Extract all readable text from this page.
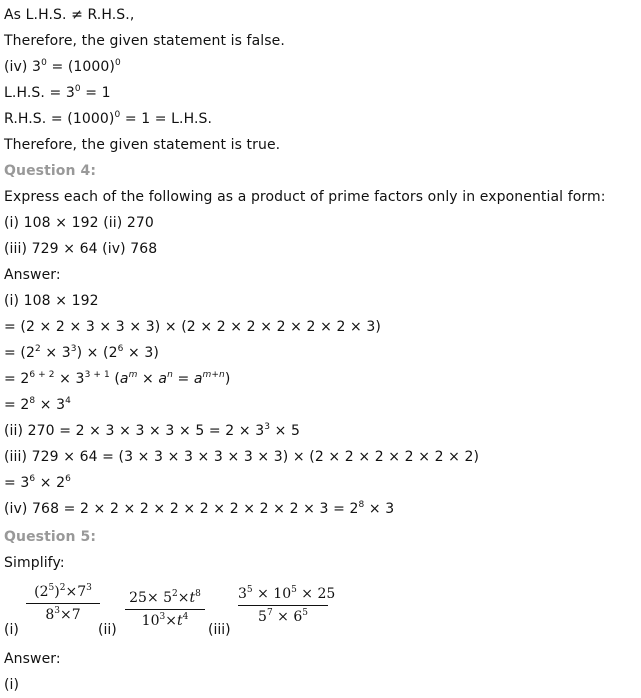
As L.H.S. ≠ R.H.S.,
Therefore, the given statement is false.
(iv) $3^0 = (1000)^0$
L.H.S. = $3^0 = 1$
R.H.S. = $(1000)^0 = 1 = L.H.S$.
Therefore, the given statement is true.
Question 4:
Express each of the following as a product of prime factors only in exponential form:
(i) 108 × 192 (ii) 270
(iii) 729 × 64 (iv) 768
Answer:
(i) 108 × 192
= (2 × 2 × 3 × 3 × 3) × (2 × 2 × 2 × 2 × 2 × 2 × 3)
= $(2^2 \times 3^3) \times (2^6 \times 3)$
= $2^{6 + 2} \times 3^{3 + 1}$ $(a^m \times a^n = a^{m+n})$
= $2^8 \times 3^4$
(ii) $270 = 2 \times 3 \times 3 \times 3 \times 5 = 2 \times 3^3 \times 5$
(iii) 729 × 64 = (3 × 3 × 3 × 3 × 3 × 3) × (2 × 2 × 2 × 2 × 2 × 2)
= $3^6 \times 2^6$
(iv) $768 = 2 \times 2 \times 2 \times 2 \times 2 \times 2 \times 2 \times 2 \times 3 = 2^8 \times 3$
Question 5:
Simplify:
(i)
$(2^5)^2\times 7^3$
$8^3\times 7$
(ii)
$25\times 5^2\times t^8$
$10^3\times t^4$
(iii)
$3^5 \times 10^5 \times 25$
$5^7 \times 6^5$
Answer:
(i)
